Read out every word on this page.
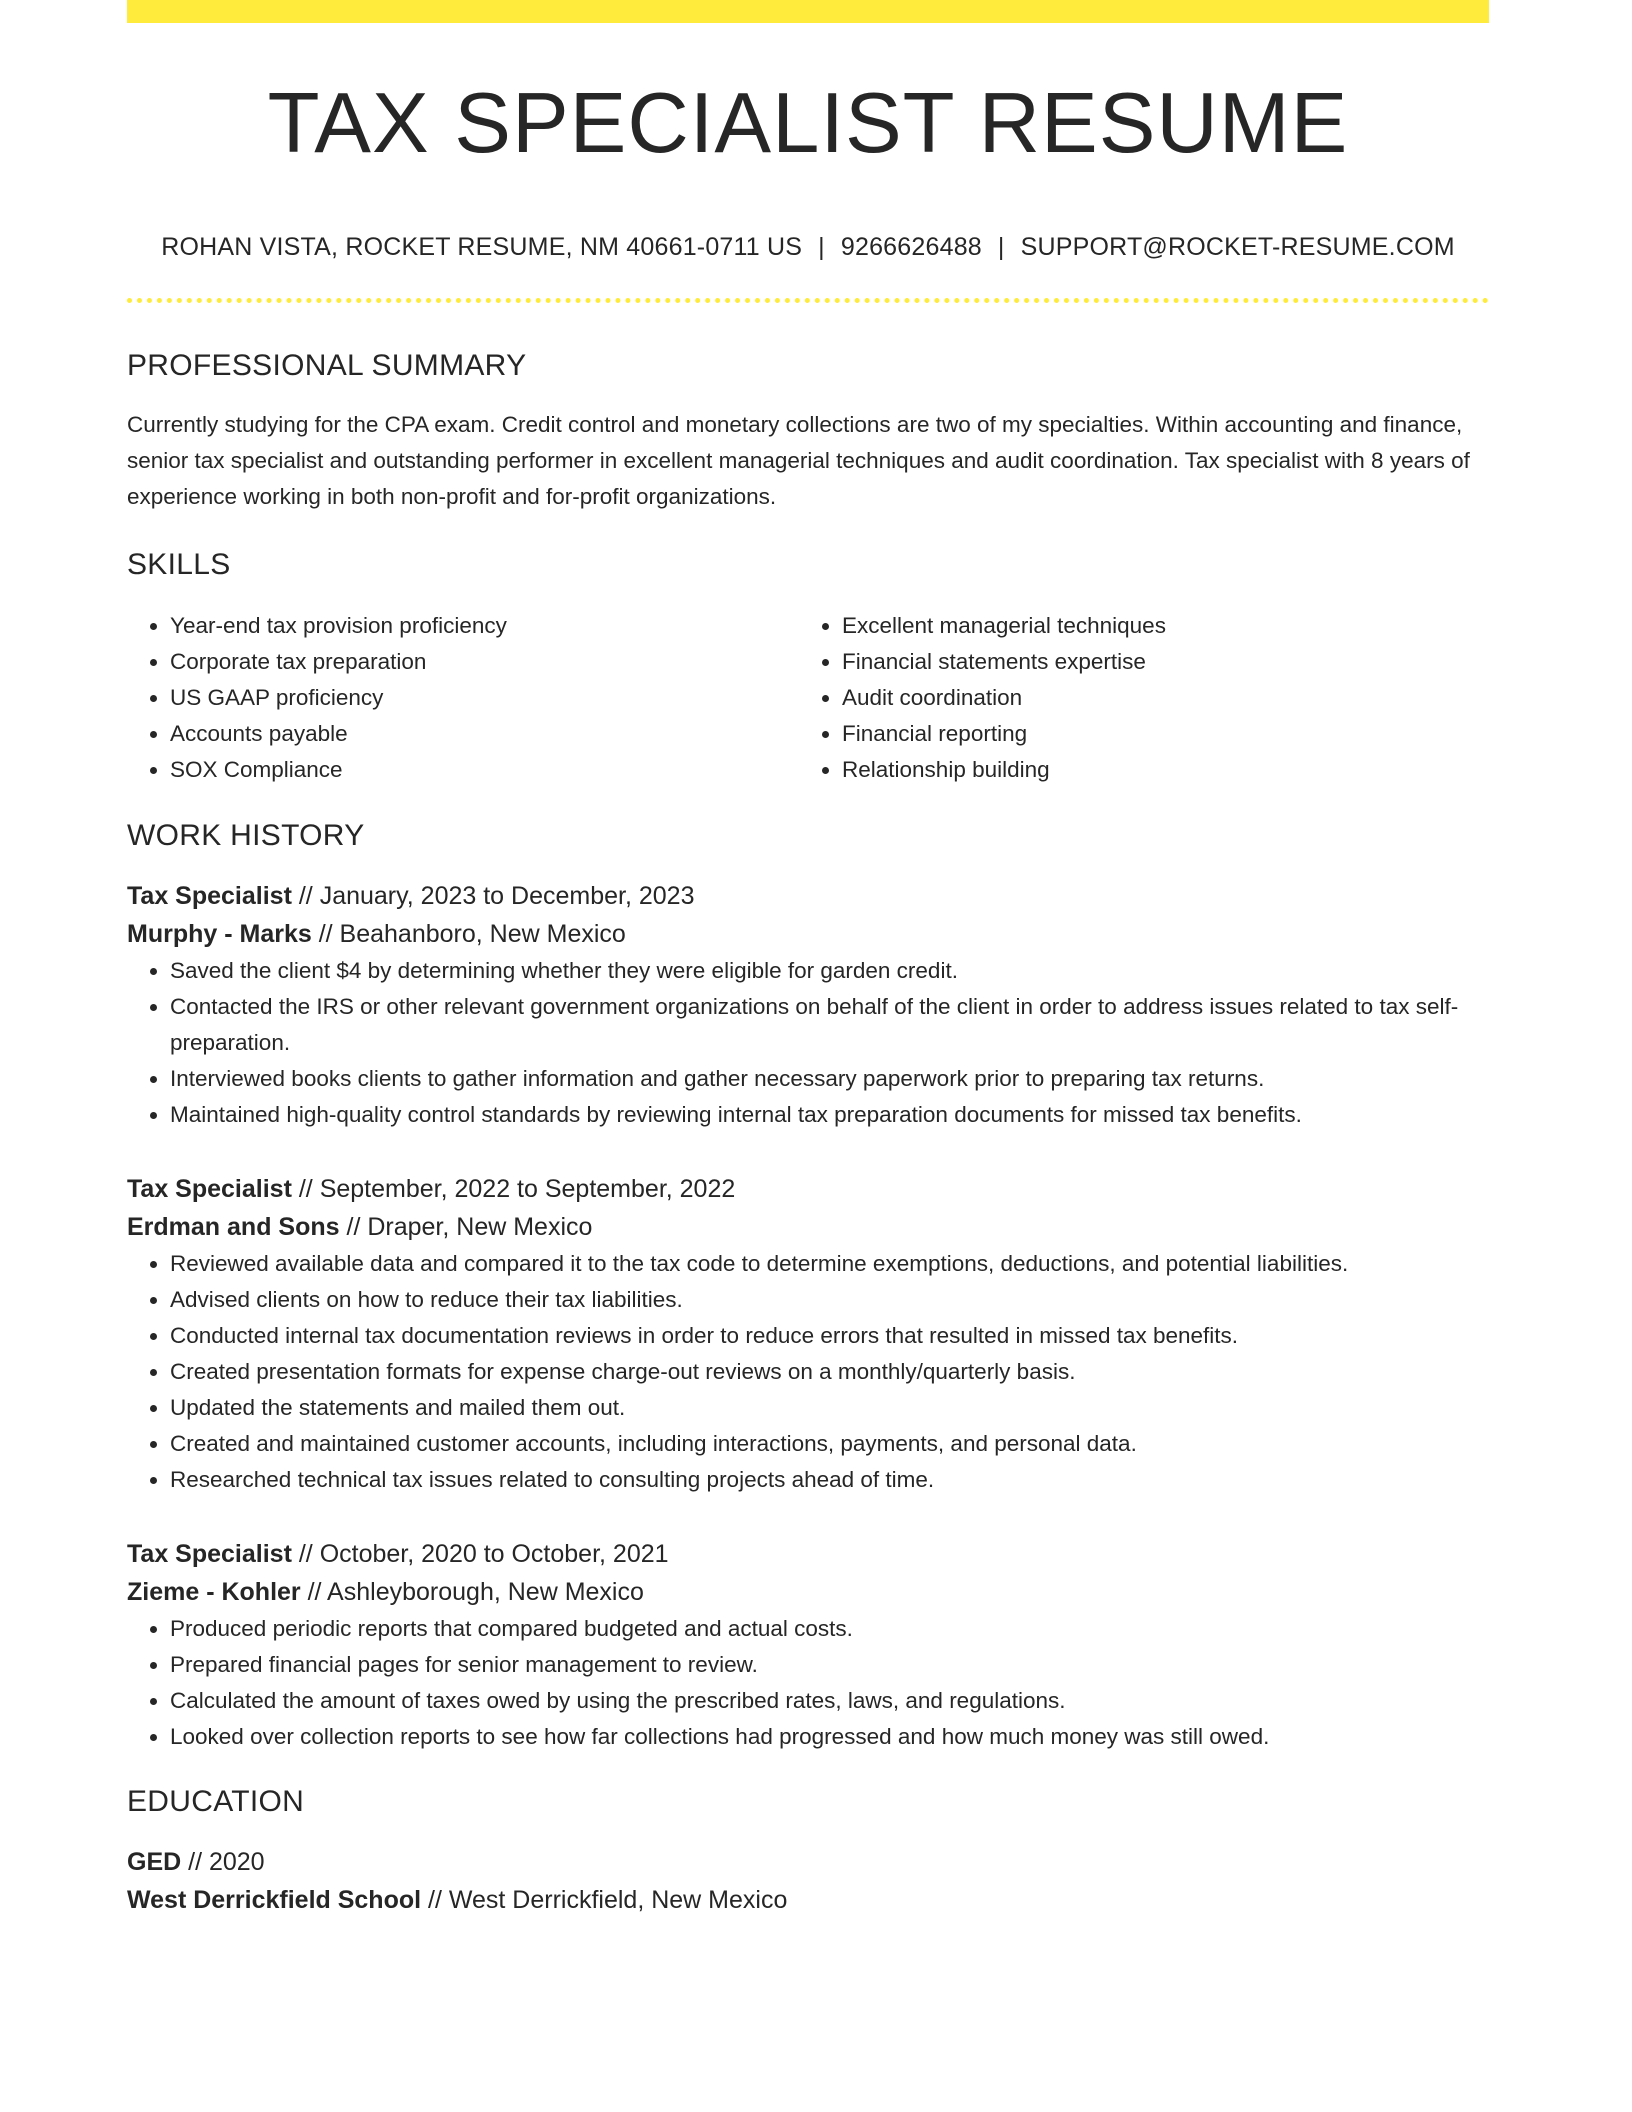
TAX SPECIALIST RESUME
ROHAN VISTA, ROCKET RESUME, NM 40661-0711 US | 9266626488 | SUPPORT@ROCKET-RESUME.COM
PROFESSIONAL SUMMARY
Currently studying for the CPA exam. Credit control and monetary collections are two of my specialties. Within accounting and finance, senior tax specialist and outstanding performer in excellent managerial techniques and audit coordination. Tax specialist with 8 years of experience working in both non-profit and for-profit organizations.
SKILLS
• Year-end tax provision proficiency
• Corporate tax preparation
• US GAAP proficiency
• Accounts payable
• SOX Compliance
• Excellent managerial techniques
• Financial statements expertise
• Audit coordination
• Financial reporting
• Relationship building
WORK HISTORY
Tax Specialist // January, 2023 to December, 2023
Murphy - Marks // Beahanboro, New Mexico
• Saved the client $4 by determining whether they were eligible for garden credit.
• Contacted the IRS or other relevant government organizations on behalf of the client in order to address issues related to tax self-preparation.
• Interviewed books clients to gather information and gather necessary paperwork prior to preparing tax returns.
• Maintained high-quality control standards by reviewing internal tax preparation documents for missed tax benefits.
Tax Specialist // September, 2022 to September, 2022
Erdman and Sons // Draper, New Mexico
• Reviewed available data and compared it to the tax code to determine exemptions, deductions, and potential liabilities.
• Advised clients on how to reduce their tax liabilities.
• Conducted internal tax documentation reviews in order to reduce errors that resulted in missed tax benefits.
• Created presentation formats for expense charge-out reviews on a monthly/quarterly basis.
• Updated the statements and mailed them out.
• Created and maintained customer accounts, including interactions, payments, and personal data.
• Researched technical tax issues related to consulting projects ahead of time.
Tax Specialist // October, 2020 to October, 2021
Zieme - Kohler // Ashleyborough, New Mexico
• Produced periodic reports that compared budgeted and actual costs.
• Prepared financial pages for senior management to review.
• Calculated the amount of taxes owed by using the prescribed rates, laws, and regulations.
• Looked over collection reports to see how far collections had progressed and how much money was still owed.
EDUCATION
GED // 2020
West Derrickfield School // West Derrickfield, New Mexico
